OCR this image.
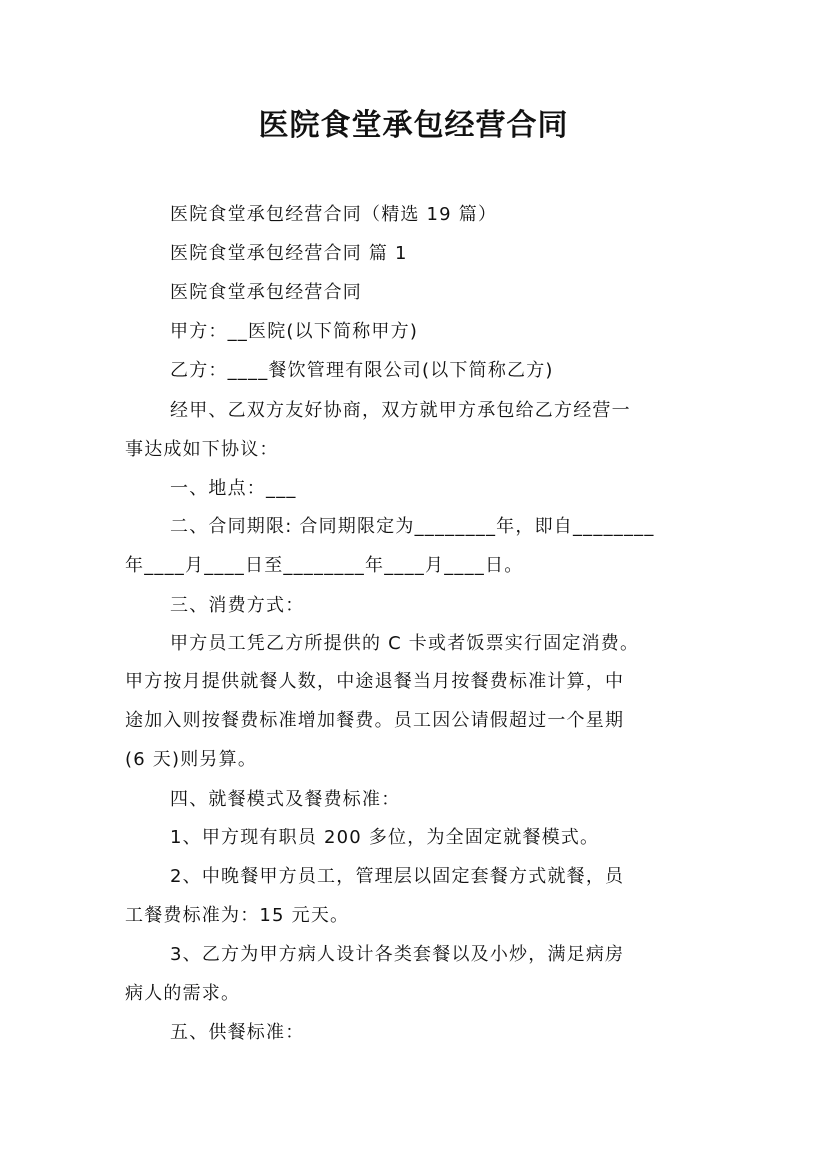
医院食堂承包经营合同
医院食堂承包经营合同（精选 19 篇）
医院食堂承包经营合同 篇 1
医院食堂承包经营合同
甲方：__医院(以下简称甲方)
乙方：____餐饮管理有限公司(以下简称乙方)
经甲、乙双方友好协商，双方就甲方承包给乙方经营一
事达成如下协议：
一、地点：___
二、合同期限: 合同期限定为________年，即自________
年____月____日至________年____月____日。
三、消费方式：
甲方员工凭乙方所提供的 C 卡或者饭票实行固定消费。
甲方按月提供就餐人数，中途退餐当月按餐费标准计算，中
途加入则按餐费标准增加餐费。员工因公请假超过一个星期
(6 天)则另算。
四、就餐模式及餐费标准：
1、甲方现有职员 200 多位，为全固定就餐模式。
2、中晚餐甲方员工，管理层以固定套餐方式就餐，员
工餐费标准为：15 元天。
3、乙方为甲方病人设计各类套餐以及小炒，满足病房
病人的需求。
五、供餐标准：
